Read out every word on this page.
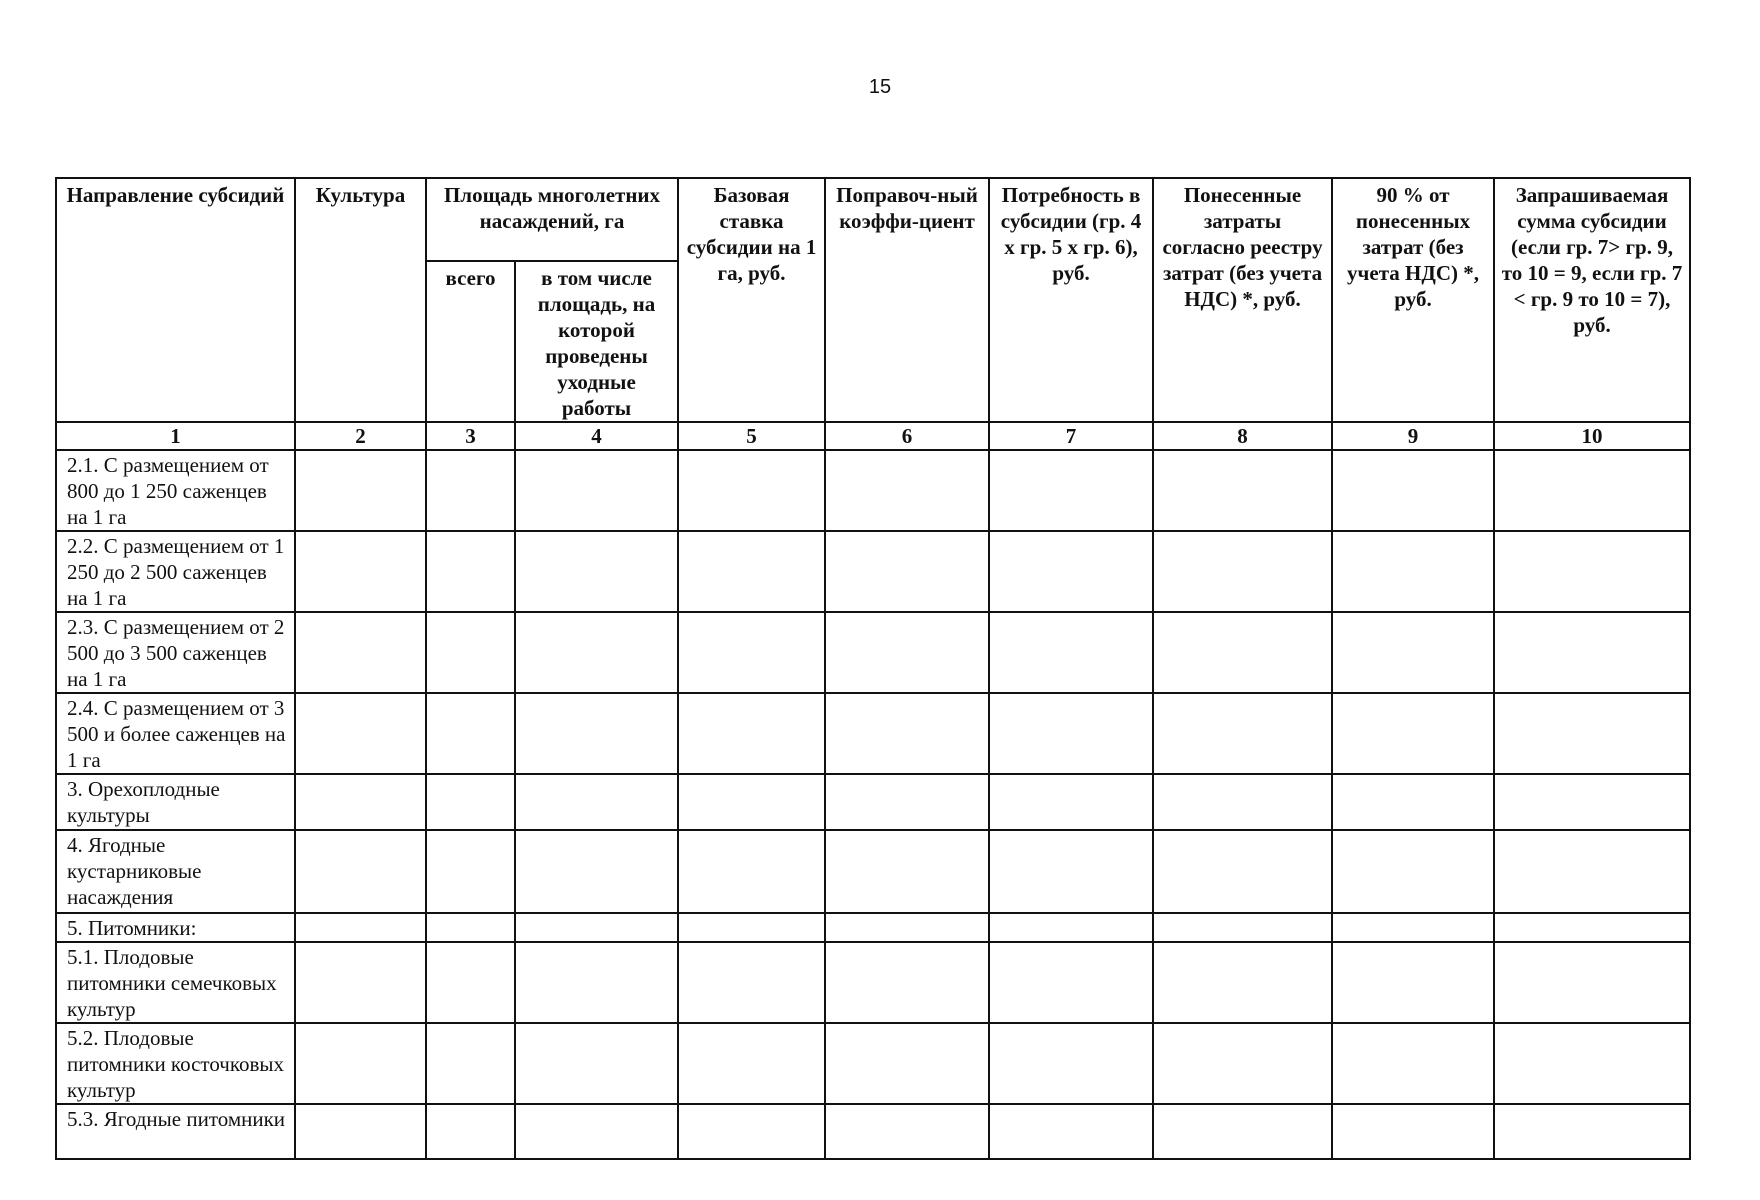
15
Направление субсидий	Культура	Площадь многолетних насаждений, га		Базовая ставка субсидии на 1 га, руб.	Поправоч-ный коэффи-циент	Потребность в субсидии (гр. 4 х гр. 5 х гр. 6), руб.	Понесенные затраты согласно реестру затрат (без учета НДС) *, руб.	90 % от понесенных затрат (без учета НДС) *, руб.	Запрашиваемая сумма субсидии (если гр. 7> гр. 9, то 10 = 9, если гр. 7 < гр. 9 то 10 = 7), руб.
		всего	в том числе площадь, на которой проведены уходные работы						
1	2	3	4	5	6	7	8	9	10
2.1. С размещением от 800 до 1 250 саженцев на 1 га									
2.2. С размещением от 1 250 до 2 500 саженцев на 1 га									
2.3. С размещением от 2 500 до 3 500 саженцев на 1 га									
2.4. С размещением от 3 500 и более саженцев на 1 га									
3. Орехоплодные культуры									
4. Ягодные кустарниковые насаждения									
5. Питомники:									
5.1. Плодовые питомники семечковых культур									
5.2. Плодовые питомники косточковых культур									
5.3. Ягодные питомники									
